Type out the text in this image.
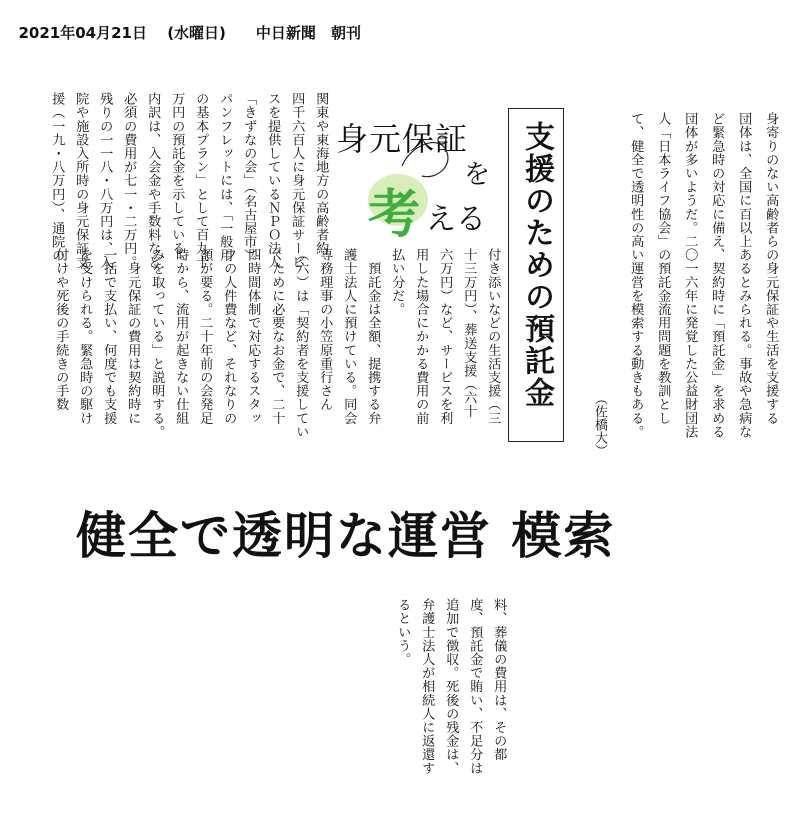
2021年04月21日　 (水曜日)　　 中日新聞　 朝刊

身寄りのない高齢者らの身元保証や生活を支援する
団体は、全国に百以上あるとみられる。事故や急病な
ど緊急時の対応に備え、契約時に「預託金」を求める
団体が多いようだ。二〇一六年に発覚した公益財団法
人「日本ライフ協会」の預託金流用問題を教訓とし
て、健全で透明性の高い運営を模索する動きもある。
（佐橋大）
支援のための預託金
身元保証
を
考 える
関東や東海地方の高齢者約
四千六百人に身元保証サービ
スを提供しているＮＰＯ法人
「きずなの会」（名古屋市）。
パンフレットには、「一般用
の基本プラン」として百九十
万円の預託金を示している。
内訳は、入会金や手数料など
必須の費用が七一・二万円。
残りの一一八・八万円は、入
院や施設入所時の身元保証支
援（一九・八万円）、通院の
付き添いなどの生活支援（三
十三万円）、葬送支援（六十
六万円）など、サービスを利
用した場合にかかる費用の前
払い分だ。
　預託金は全額、提携する弁
護士法人に預けている。同会
専務理事の小笠原重行さん
（六）は「契約者を支援してい
くために必要なお金で、二十
四時間体制で対応するスタッ
フの人件費など、それなりの
額が要る。二十年前の会発足
時から、流用が起きない仕組
みを取っている」と説明する。
　身元保証の費用は契約時に
一括で支払い、何度でも支援
を受けられる。緊急時の駆け
付けや死後の手続きの手数
健全で透明な運営 模索
料、葬儀の費用は、その都
度、預託金で賄い、不足分は
追加で徴収。死後の残金は、
弁護士法人が相続人に返還す
るという。
